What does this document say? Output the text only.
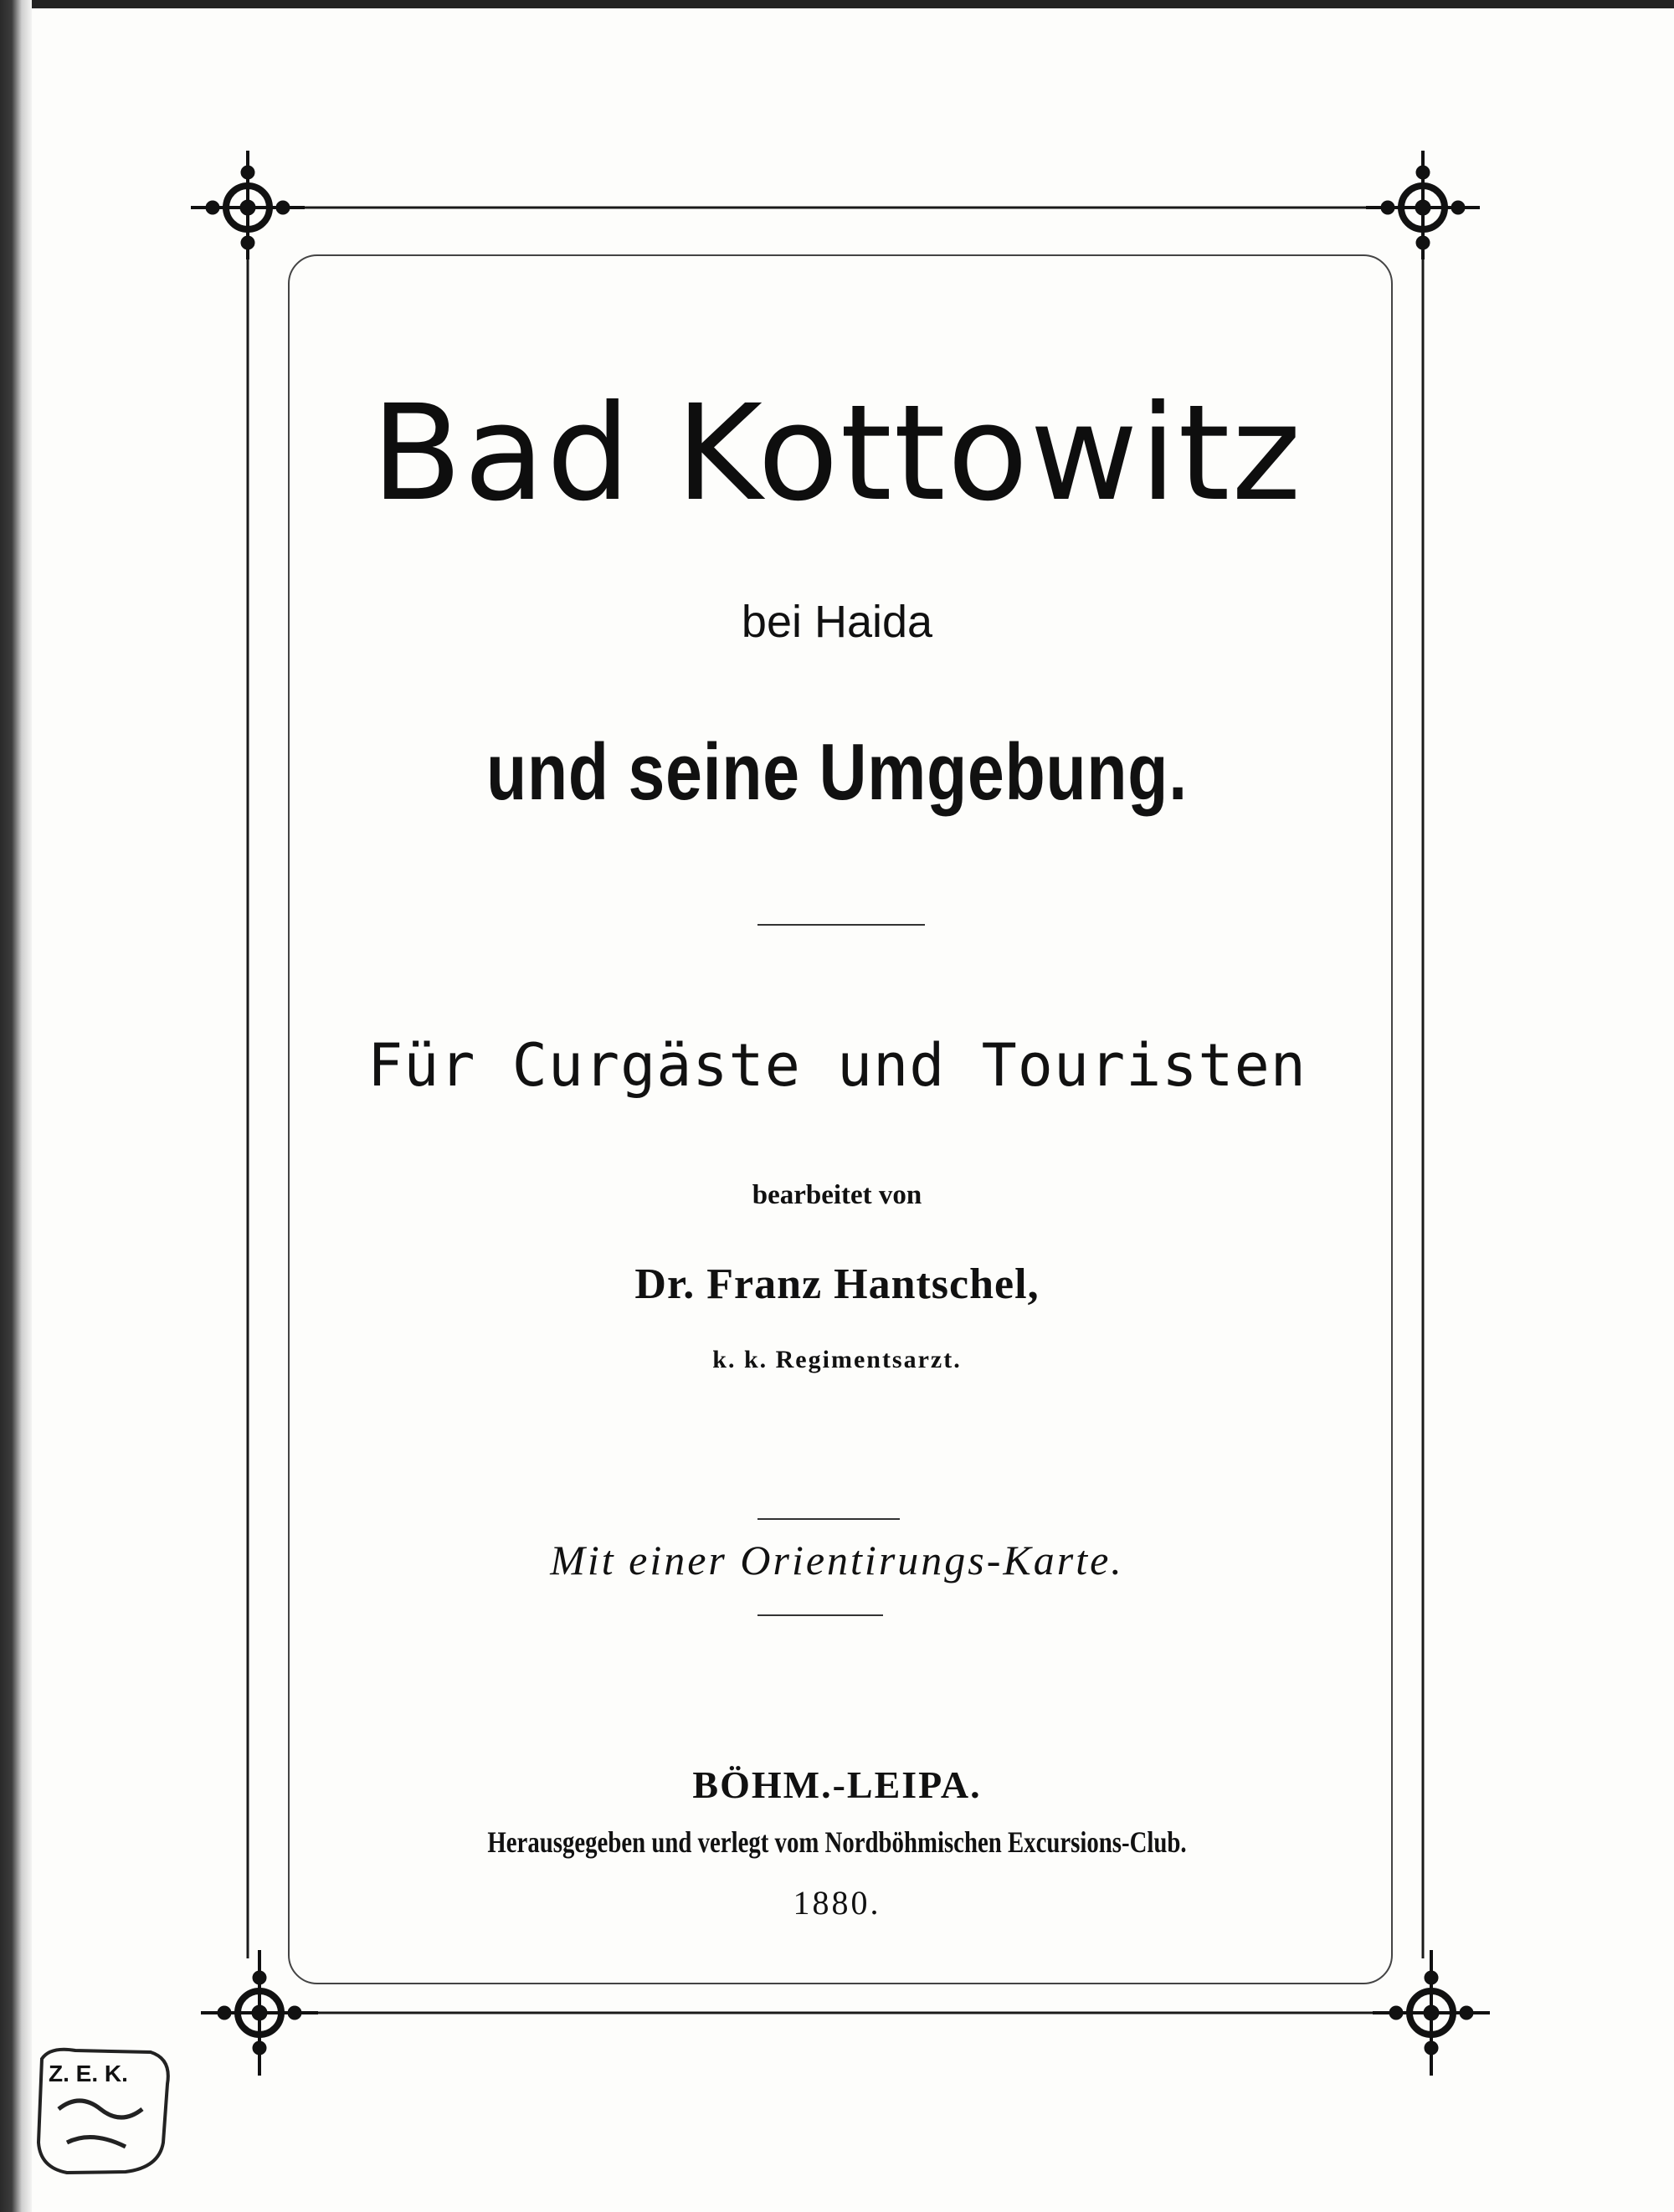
Z. E. K.
Bad Kottowitz
bei Haida
und seine Umgebung.
Für Curgäste und Touristen
bearbeitet von
Dr. Franz Hantschel,
k. k. Regimentsarzt.
Mit einer Orientirungs-Karte.
BÖHM.-LEIPA.
Herausgegeben und verlegt vom Nordböhmischen Excursions-Club.
1880.
